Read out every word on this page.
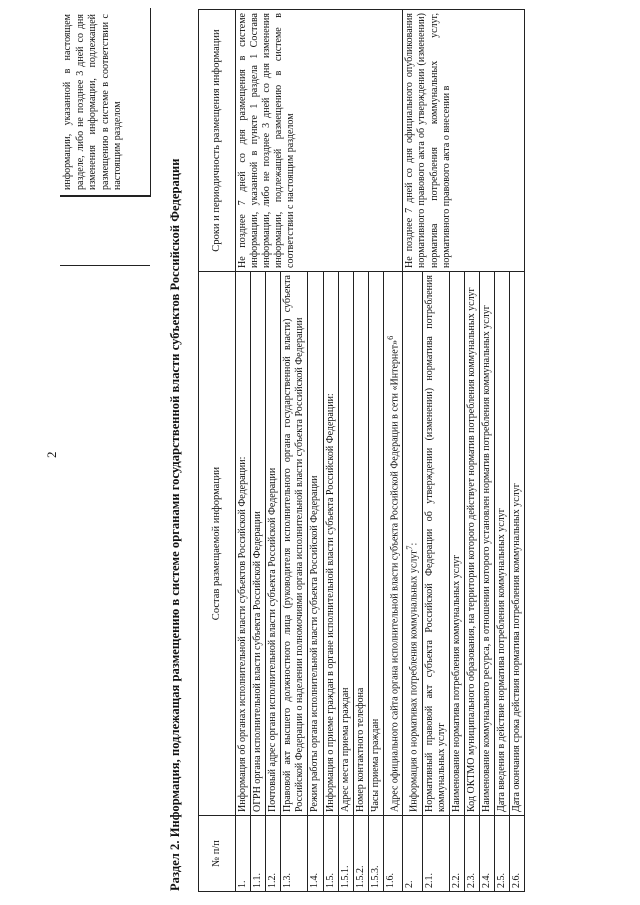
2
информации, указанной в настоящем разделе, либо не позднее 3 дней со дня изменения информации, подлежащей размещению в системе в соответствии с настоящим разделом
Раздел 2. Информация, подлежащая размещению в системе органами государственной власти субъектов Российской Федерации	№ п/п	Состав размещаемой информации	Сроки и периодичность размещения информации
1.	Информация об органах исполнительной власти субъектов Российской Федерации:	Не позднее 7 дней со дня размещения в системе информации, указанной в пункте 1 раздела 1 Состава информации, либо не позднее 3 дней со дня изменения информации, подлежащей размещению в системе в соответствии с настоящим разделом
1.1.	ОГРН органа исполнительной власти субъекта Российской Федерации	
1.2.	Почтовый адрес органа исполнительной власти субъекта Российской Федерации	
1.3.	Правовой акт высшего должностного лица (руководителя исполнительного органа государственной власти) субъекта Российской Федерации о наделении полномочиями органа исполнительной власти субъекта Российской Федерации	
1.4.	Режим работы органа исполнительной власти субъекта Российской Федерации	
1.5.	Информация о приеме граждан в органе исполнительной власти субъекта Российской Федерации:	
1.5.1.	Адрес места приема граждан	
1.5.2.	Номер контактного телефона	
1.5.3.	Часы приема граждан	
1.6.	Адрес официального сайта органа исполнительной власти субъекта Российской Федерации в сети «Интернет»$^6$
2.	Информация о нормативах потребления коммунальных услуг$^7$:	Не позднее 7 дней со дня официального опубликования нормативного правового акта об утверждении (изменении) норматива потребления коммунальных услуг, нормативного правового акта о внесении в
2.1.	Нормативный правовой акт субъекта Российской Федерации об утверждении (изменении) норматива потребления коммунальных услуг	
2.2.	Наименование норматива потребления коммунальных услуг	
2.3.	Код ОКТМО муниципального образования, на территории которого действует норматив потребления коммунальных услуг	
2.4.	Наименование коммунального ресурса, в отношении которого установлен норматив потребления коммунальных услуг	
2.5.	Дата введения в действие норматива потребления коммунальных услуг	
2.6.	Дата окончания срока действия норматива потребления коммунальных услуг	
